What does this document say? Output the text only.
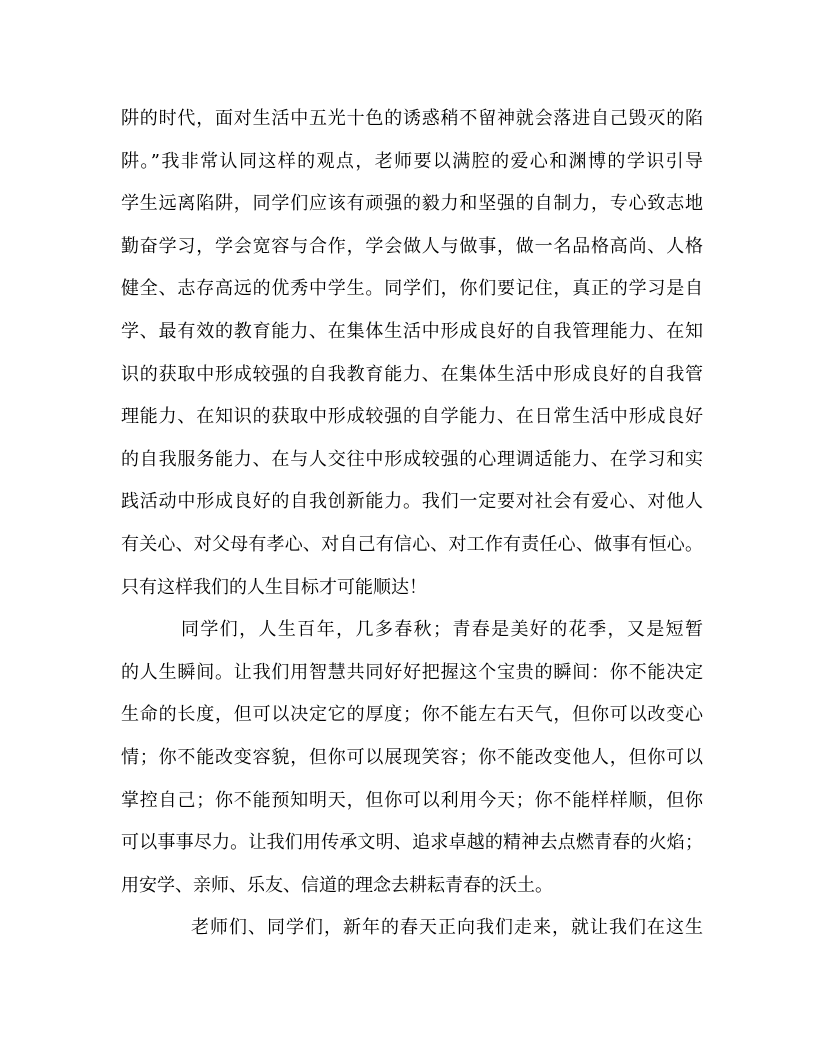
阱的时代，面对生活中五光十色的诱惑稍不留神就会落进自己毁灭的陷
阱。”我非常认同这样的观点，老师要以满腔的爱心和渊博的学识引导
学生远离陷阱，同学们应该有顽强的毅力和坚强的自制力，专心致志地
勤奋学习，学会宽容与合作，学会做人与做事，做一名品格高尚、人格
健全、志存高远的优秀中学生。同学们，你们要记住，真正的学习是自
学、最有效的教育能力、在集体生活中形成良好的自我管理能力、在知
识的获取中形成较强的自我教育能力、在集体生活中形成良好的自我管
理能力、在知识的获取中形成较强的自学能力、在日常生活中形成良好
的自我服务能力、在与人交往中形成较强的心理调适能力、在学习和实
践活动中形成良好的自我创新能力。我们一定要对社会有爱心、对他人
有关心、对父母有孝心、对自己有信心、对工作有责任心、做事有恒心。
只有这样我们的人生目标才可能顺达！
同学们，人生百年，几多春秋；青春是美好的花季，又是短暂
的人生瞬间。让我们用智慧共同好好把握这个宝贵的瞬间：你不能决定
生命的长度，但可以决定它的厚度；你不能左右天气，但你可以改变心
情；你不能改变容貌，但你可以展现笑容；你不能改变他人，但你可以
掌控自己；你不能预知明天，但你可以利用今天；你不能样样顺，但你
可以事事尽力。让我们用传承文明、追求卓越的精神去点燃青春的火焰；
用安学、亲师、乐友、信道的理念去耕耘青春的沃土。
老师们、同学们，新年的春天正向我们走来，就让我们在这生
